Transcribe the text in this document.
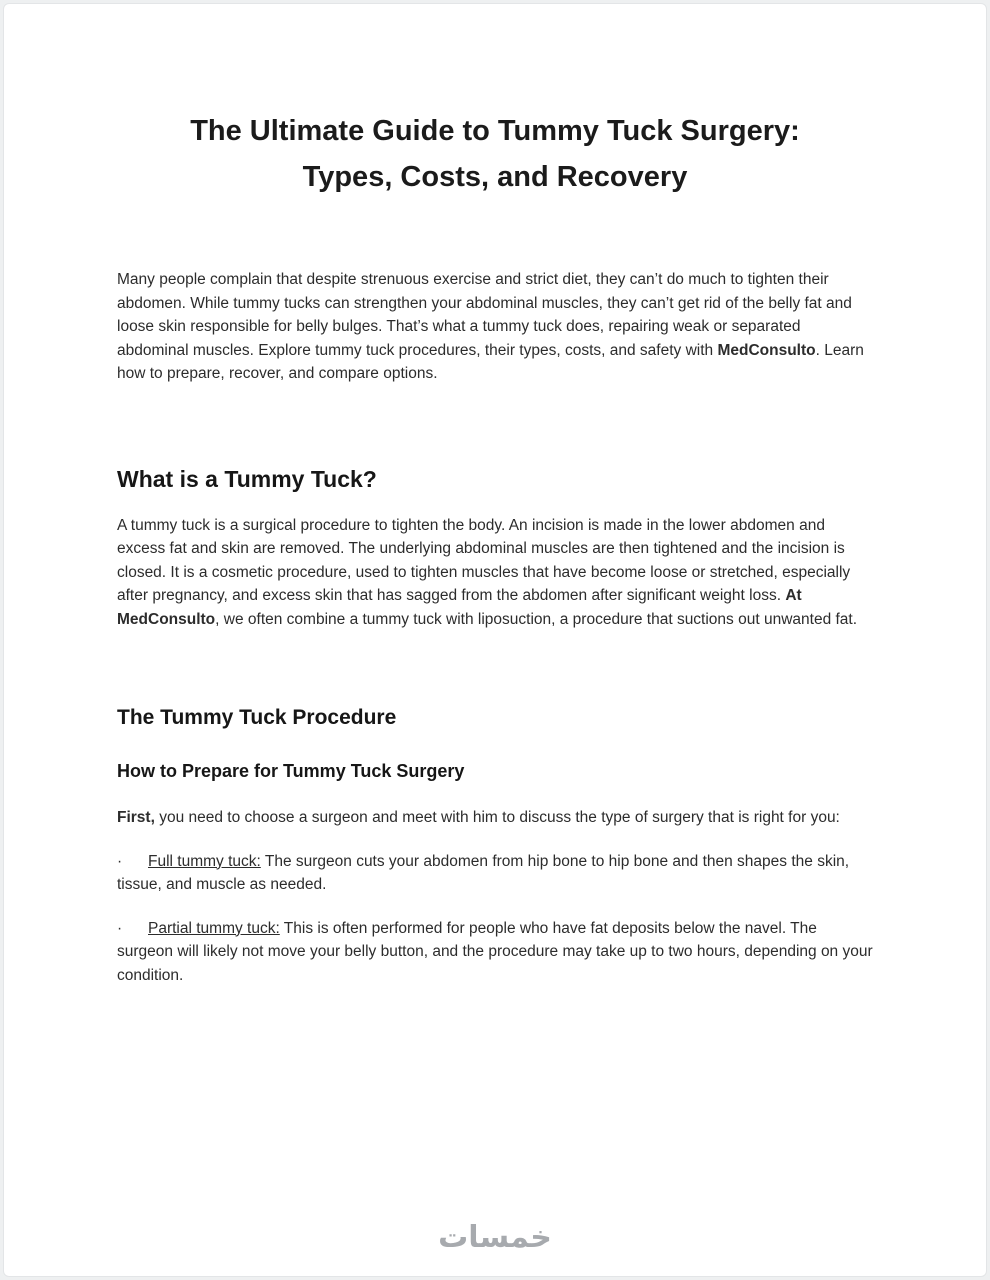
The Ultimate Guide to Tummy Tuck Surgery:
Types, Costs, and Recovery

Many people complain that despite strenuous exercise and strict diet, they can’t do much to tighten their abdomen. While tummy tucks can strengthen your abdominal muscles, they can’t get rid of the belly fat and loose skin responsible for belly bulges. That’s what a tummy tuck does, repairing weak or separated abdominal muscles. Explore tummy tuck procedures, their types, costs, and safety with MedConsulto. Learn how to prepare, recover, and compare options.

What is a Tummy Tuck?

A tummy tuck is a surgical procedure to tighten the body. An incision is made in the lower abdomen and excess fat and skin are removed. The underlying abdominal muscles are then tightened and the incision is closed. It is a cosmetic procedure, used to tighten muscles that have become loose or stretched, especially after pregnancy, and excess skin that has sagged from the abdomen after significant weight loss. At MedConsulto, we often combine a tummy tuck with liposuction, a procedure that suctions out unwanted fat.

The Tummy Tuck Procedure
How to Prepare for Tummy Tuck Surgery

First, you need to choose a surgeon and meet with him to discuss the type of surgery that is right for you:

·      Full tummy tuck: The surgeon cuts your abdomen from hip bone to hip bone and then shapes the skin, tissue, and muscle as needed.

·      Partial tummy tuck: This is often performed for people who have fat deposits below the navel. The surgeon will likely not move your belly button, and the procedure may take up to two hours, depending on your condition.

خمسات
